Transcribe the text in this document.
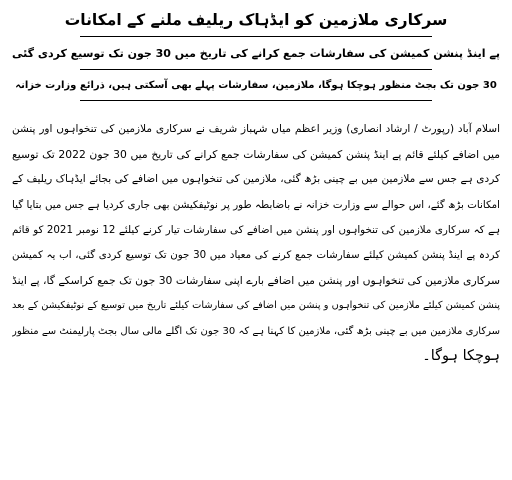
سرکاری ملازمین کو ایڈہاک ریلیف ملنے کے امکانات
پے اینڈ پنشن کمیشن کی سفارشات جمع کرانے کی تاریخ میں 30 جون تک توسیع کردی گئی
30 جون تک بجٹ منظور ہوچکا ہوگا، ملازمین، سفارشات پہلے بھی آسکتی ہیں، ذرائع وزارت خزانہ
اسلام آباد (رپورٹ / ارشاد انصاری) وزیر اعظم میاں شہباز شریف نے سرکاری ملازمین کی تنخواہوں اور پنشن
میں اضافے کیلئے قائم پے اینڈ پنشن کمیشن کی سفارشات جمع کرانے کی تاریخ میں 30 جون 2022 تک توسیع
کردی ہے جس سے ملازمین میں بے چینی بڑھ گئی، ملازمین کی تنخواہوں میں اضافے کی بجائے ایڈہاک ریلیف کے
امکانات بڑھ گئے، اس حوالے سے وزارت خزانہ نے باضابطہ طور پر نوٹیفکیشن بھی جاری کردیا ہے جس میں بتایا گیا
ہے کہ سرکاری ملازمین کی تنخواہوں اور پنشن میں اضافے کی سفارشات تیار کرنے کیلئے 12 نومبر 2021 کو قائم
کردہ پے اینڈ پنشن کمیشن کیلئے سفارشات جمع کرنے کی معیاد میں 30 جون تک توسیع کردی گئی، اب یہ کمیشن
سرکاری ملازمین کی تنخواہوں اور پنشن میں اضافے بارے اپنی سفارشات 30 جون تک جمع کراسکے گا، پے اینڈ
پنشن کمیشن کیلئے ملازمین کی تنخواہوں و پنشن میں اضافے کی سفارشات کیلئے تاریخ میں توسیع کے نوٹیفکیشن کے بعد
سرکاری ملازمین میں بے چینی بڑھ گئی، ملازمین کا کہنا ہے کہ 30 جون تک اگلے مالی سال بجٹ پارلیمنٹ سے منظور
ہوچکا ہوگا۔
